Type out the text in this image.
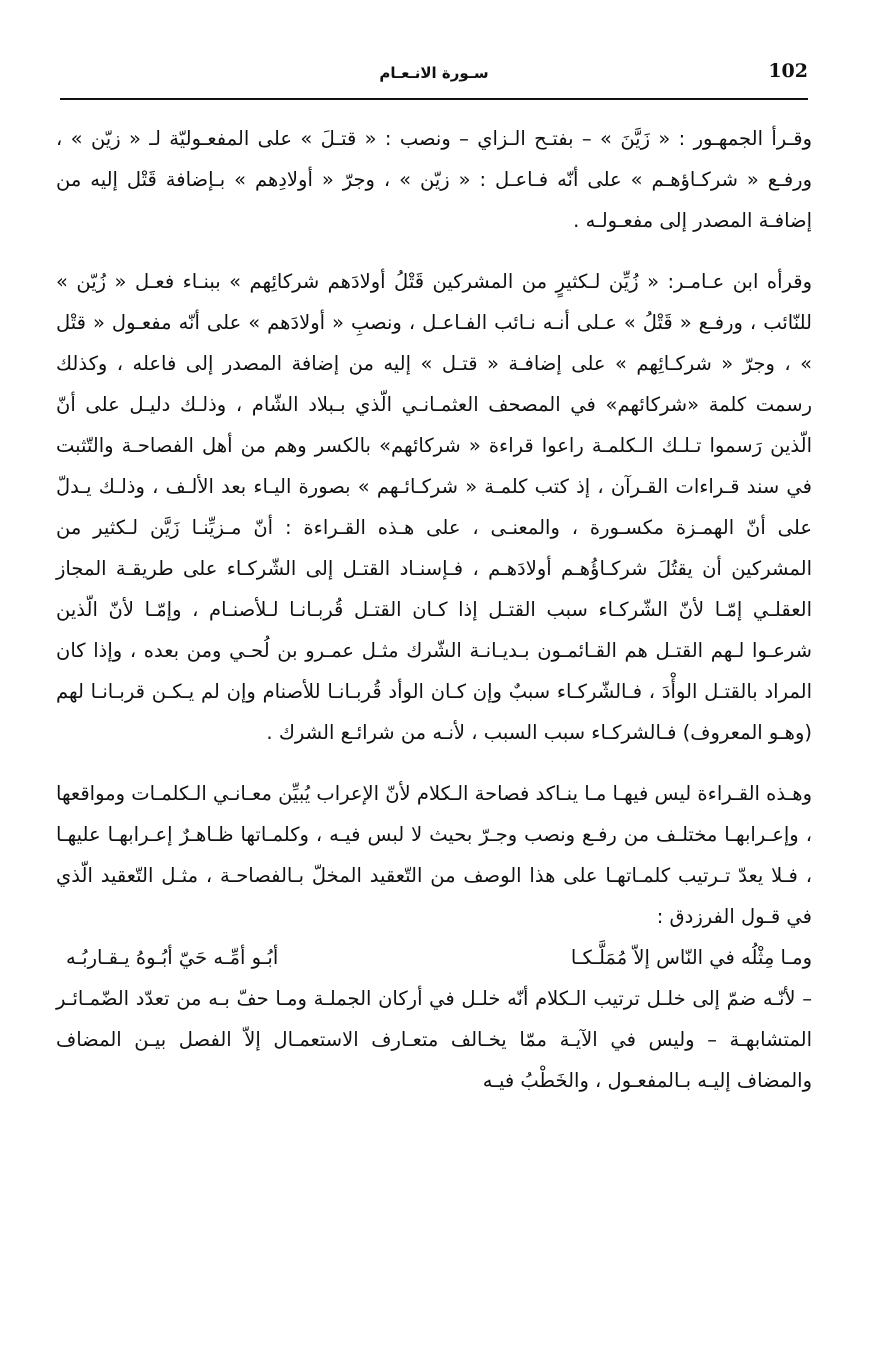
102
سـورة الانـعـام

وقـرأ الجمهـور : « زَيَّنَ » – بفتـح الـزاي – ونصب : « قتـلَ » على المفعـوليّة لـ « زيّن » ، ورفـع « شركـاؤهـم » على أنّه فـاعـل : « زيّن » ، وجرّ « أولادِهم » بـإضافة قَتْل إليه من إضافـة المصدر إلى مفعـولـه .

وقرأه ابن عـامـر: « زُيِّن لـكثيرٍ من المشركين قَتْلُ أولادَهم شركائِهم » ببنـاء فعـل « زُيّن » للنّائب ، ورفـع « قَتْلُ » عـلى أنـه نـائب الفـاعـل ، ونصبِ « أولادَهم » على أنّه مفعـول « قتْل » ، وجرّ « شركـائِهم » على إضافـة « قتـل » إليه من إضافة المصدر إلى فاعله ، وكذلك رسمت كلمة «شركائهم» في المصحف العثمـانـي الّذي بـبلاد الشّام ، وذلـك دليـل على أنّ الّذين رَسموا تـلـك الـكلمـة راعوا قراءة « شركائهم» بالكسر وهم من أهل الفصاحـة والتّثبت في سند قـراءات القـرآن ، إذ كتب كلمـة « شركـائـهم » بصورة اليـاء بعد الألـف ، وذلـك يـدلّ على أنّ الهمـزة مكسـورة ، والمعنـى ، على هـذه القـراءة : أنّ مـزيِّنـا زَيَّن لـكثير من المشركين أن يقتُلَ شركـاؤُهـم أولادَهـم ، فـإسنـاد القتـل إلى الشّركـاء على طريقـة المجاز العقلـي إمّـا لأنّ الشّركـاء سبب القتـل إذا كـان القتـل قُربـانـا لـلأصنـام ، وإمّـا لأنّ الّذين شرعـوا لـهم القتـل هم القـائمـون بـديـانـة الشّرك مثـل عمـرو بن لُحـي ومن بعده ، وإذا كان المراد بالقتـل الوأْدَ ، فـالشّركـاء سببٌ وإن كـان الوأد قُربـانـا للأصنام وإن لم يـكـن قربـانـا لهم (وهـو المعروف) فـالشركـاء سبب السبب ، لأنـه من شرائـع الشرك .

وهـذه القـراءة ليس فيهـا مـا ينـاكد فصاحة الـكلام لأنّ الإعراب يُبيِّن معـانـي الـكلمـات ومواقعها ، وإعـرابهـا مختلـف من رفـع ونصب وجـرّ بحيث لا لبس فيـه ، وكلمـاتها ظـاهـرٌ إعـرابهـا عليهـا ، فـلا يعدّ تـرتيب كلمـاتهـا على هذا الوصف من التّعقيد المخلّ بـالفصاحـة ، مثـل التّعقيد الّذي في قـول الفرزدق :

ومـا مِثْلُه في النّاس إلاّ مُمَلَّـكـا
أبُـو أمِّـه حَيّ أبُـوهُ يـقـاربُـه

– لأنّـه ضمّ إلى خلـل ترتيب الـكلام أنّه خلـل في أركان الجملـة ومـا حفّ بـه من تعدّد الضّمـائـر المتشابهـة – وليس في الآيـة ممّا يخـالف متعـارف الاستعمـال إلاّ الفصل بيـن المضاف والمضاف إليـه بـالمفعـول ، والخَطْبُ فيـه
